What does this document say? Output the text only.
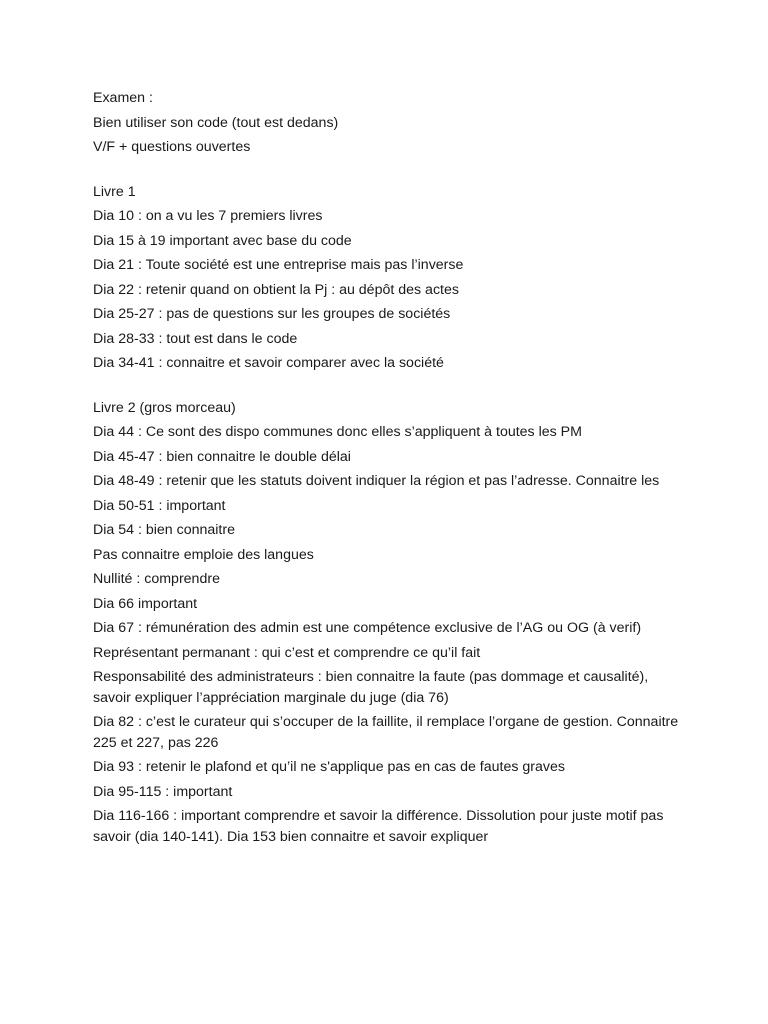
Examen :

Bien utiliser son code (tout est dedans)

V/F + questions ouvertes

Livre 1

Dia 10 : on a vu les 7 premiers livres

Dia 15 à 19 important avec base du code

Dia 21 : Toute société est une entreprise mais pas l’inverse

Dia 22 : retenir quand on obtient la Pj : au dépôt des actes

Dia 25-27 : pas de questions sur les groupes de sociétés

Dia 28-33 : tout est dans le code

Dia 34-41 : connaitre et savoir comparer avec la société

Livre 2 (gros morceau)

Dia 44 : Ce sont des dispo communes donc elles s’appliquent à toutes les PM

Dia 45-47 : bien connaitre le double délai

Dia 48-49 : retenir que les statuts doivent indiquer la région et pas l’adresse. Connaitre les

Dia 50-51 : important

Dia 54 : bien connaitre

Pas connaitre emploie des langues

Nullité : comprendre

Dia 66 important

Dia 67 : rémunération des admin est une compétence exclusive de l’AG ou OG (à verif)

Représentant permanant : qui c’est et comprendre ce qu’il fait

Responsabilité des administrateurs : bien connaitre la faute (pas dommage et causalité), savoir expliquer l’appréciation marginale du juge (dia 76)

Dia 82 : c’est le curateur qui s’occuper de la faillite, il remplace l’organe de gestion. Connaitre 225 et 227, pas 226

Dia 93 : retenir le plafond et qu’il ne s'applique pas en cas de fautes graves

Dia 95-115 : important

Dia 116-166 : important comprendre et savoir la différence. Dissolution pour juste motif pas savoir (dia 140-141). Dia 153 bien connaitre et savoir expliquer
